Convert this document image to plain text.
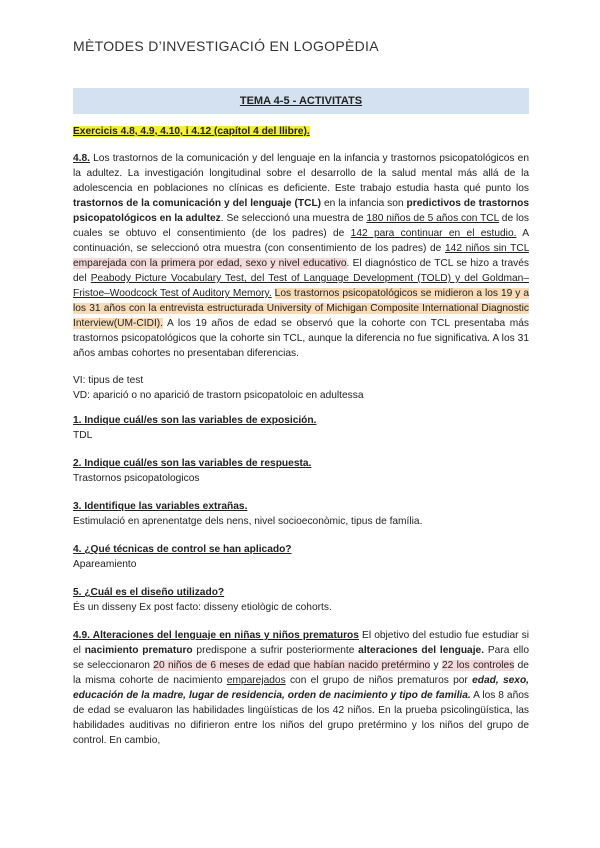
MÈTODES D’INVESTIGACIÓ EN LOGOPÈDIA
TEMA 4-5 - ACTIVITATS

Exercicis 4.8, 4.9, 4.10, i 4.12 (capítol 4 del llibre).

4.8. Los trastornos de la comunicación y del lenguaje en la infancia y trastornos psicopatológicos en la adultez. La investigación longitudinal sobre el desarrollo de la salud mental más allá de la adolescencia en poblaciones no clínicas es deficiente. Este trabajo estudia hasta qué punto los trastornos de la comunicación y del lenguaje (TCL) en la infancia son predictivos de trastornos psicopatológicos en la adultez. Se seleccionó una muestra de 180 niños de 5 años con TCL de los cuales se obtuvo el consentimiento (de los padres) de 142 para continuar en el estudio. A continuación, se seleccionó otra muestra (con consentimiento de los padres) de 142 niños sin TCL emparejada con la primera por edad, sexo y nivel educativo. El diagnóstico de TCL se hizo a través del Peabody Picture Vocabulary Test, del Test of Language Development (TOLD) y del Goldman–Fristoe–Woodcock Test of Auditory Memory. Los trastornos psicopatológicos se midieron a los 19 y a los 31 años con la entrevista estructurada University of Michigan Composite International Diagnostic Interview(UM-CIDI). A los 19 años de edad se observó que la cohorte con TCL presentaba más trastornos psicopatológicos que la cohorte sin TCL, aunque la diferencia no fue significativa. A los 31 años ambas cohortes no presentaban diferencias.

VI: tipus de test

VD: aparició o no aparició de trastorn psicopatoloic en adultessa

1. Indique cuál/es son las variables de exposición.

TDL

2. Indique cuál/es son las variables de respuesta.

Trastornos psicopatologicos

3. Identifique las variables extrañas.

Estimulació en aprenentatge dels nens, nivel socioeconòmic, tipus de família.

4. ¿Qué técnicas de control se han aplicado?

Apareamiento

5. ¿Cuál es el diseño utilizado?

És un disseny Ex post facto: disseny etiològic de cohorts.

4.9. Alteraciones del lenguaje en niñas y niños prematuros El objetivo del estudio fue estudiar si el nacimiento prematuro predispone a sufrir posteriormente alteraciones del lenguaje. Para ello se seleccionaron 20 niños de 6 meses de edad que habían nacido pretérmino y 22 los controles de la misma cohorte de nacimiento emparejados con el grupo de niños prematuros por edad, sexo, educación de la madre, lugar de residencia, orden de nacimiento y tipo de familia. A los 8 años de edad se evaluaron las habilidades lingüísticas de los 42 niños. En la prueba psicolingüística, las habilidades auditivas no difirieron entre los niños del grupo pretérmino y los niños del grupo de control. En cambio,
